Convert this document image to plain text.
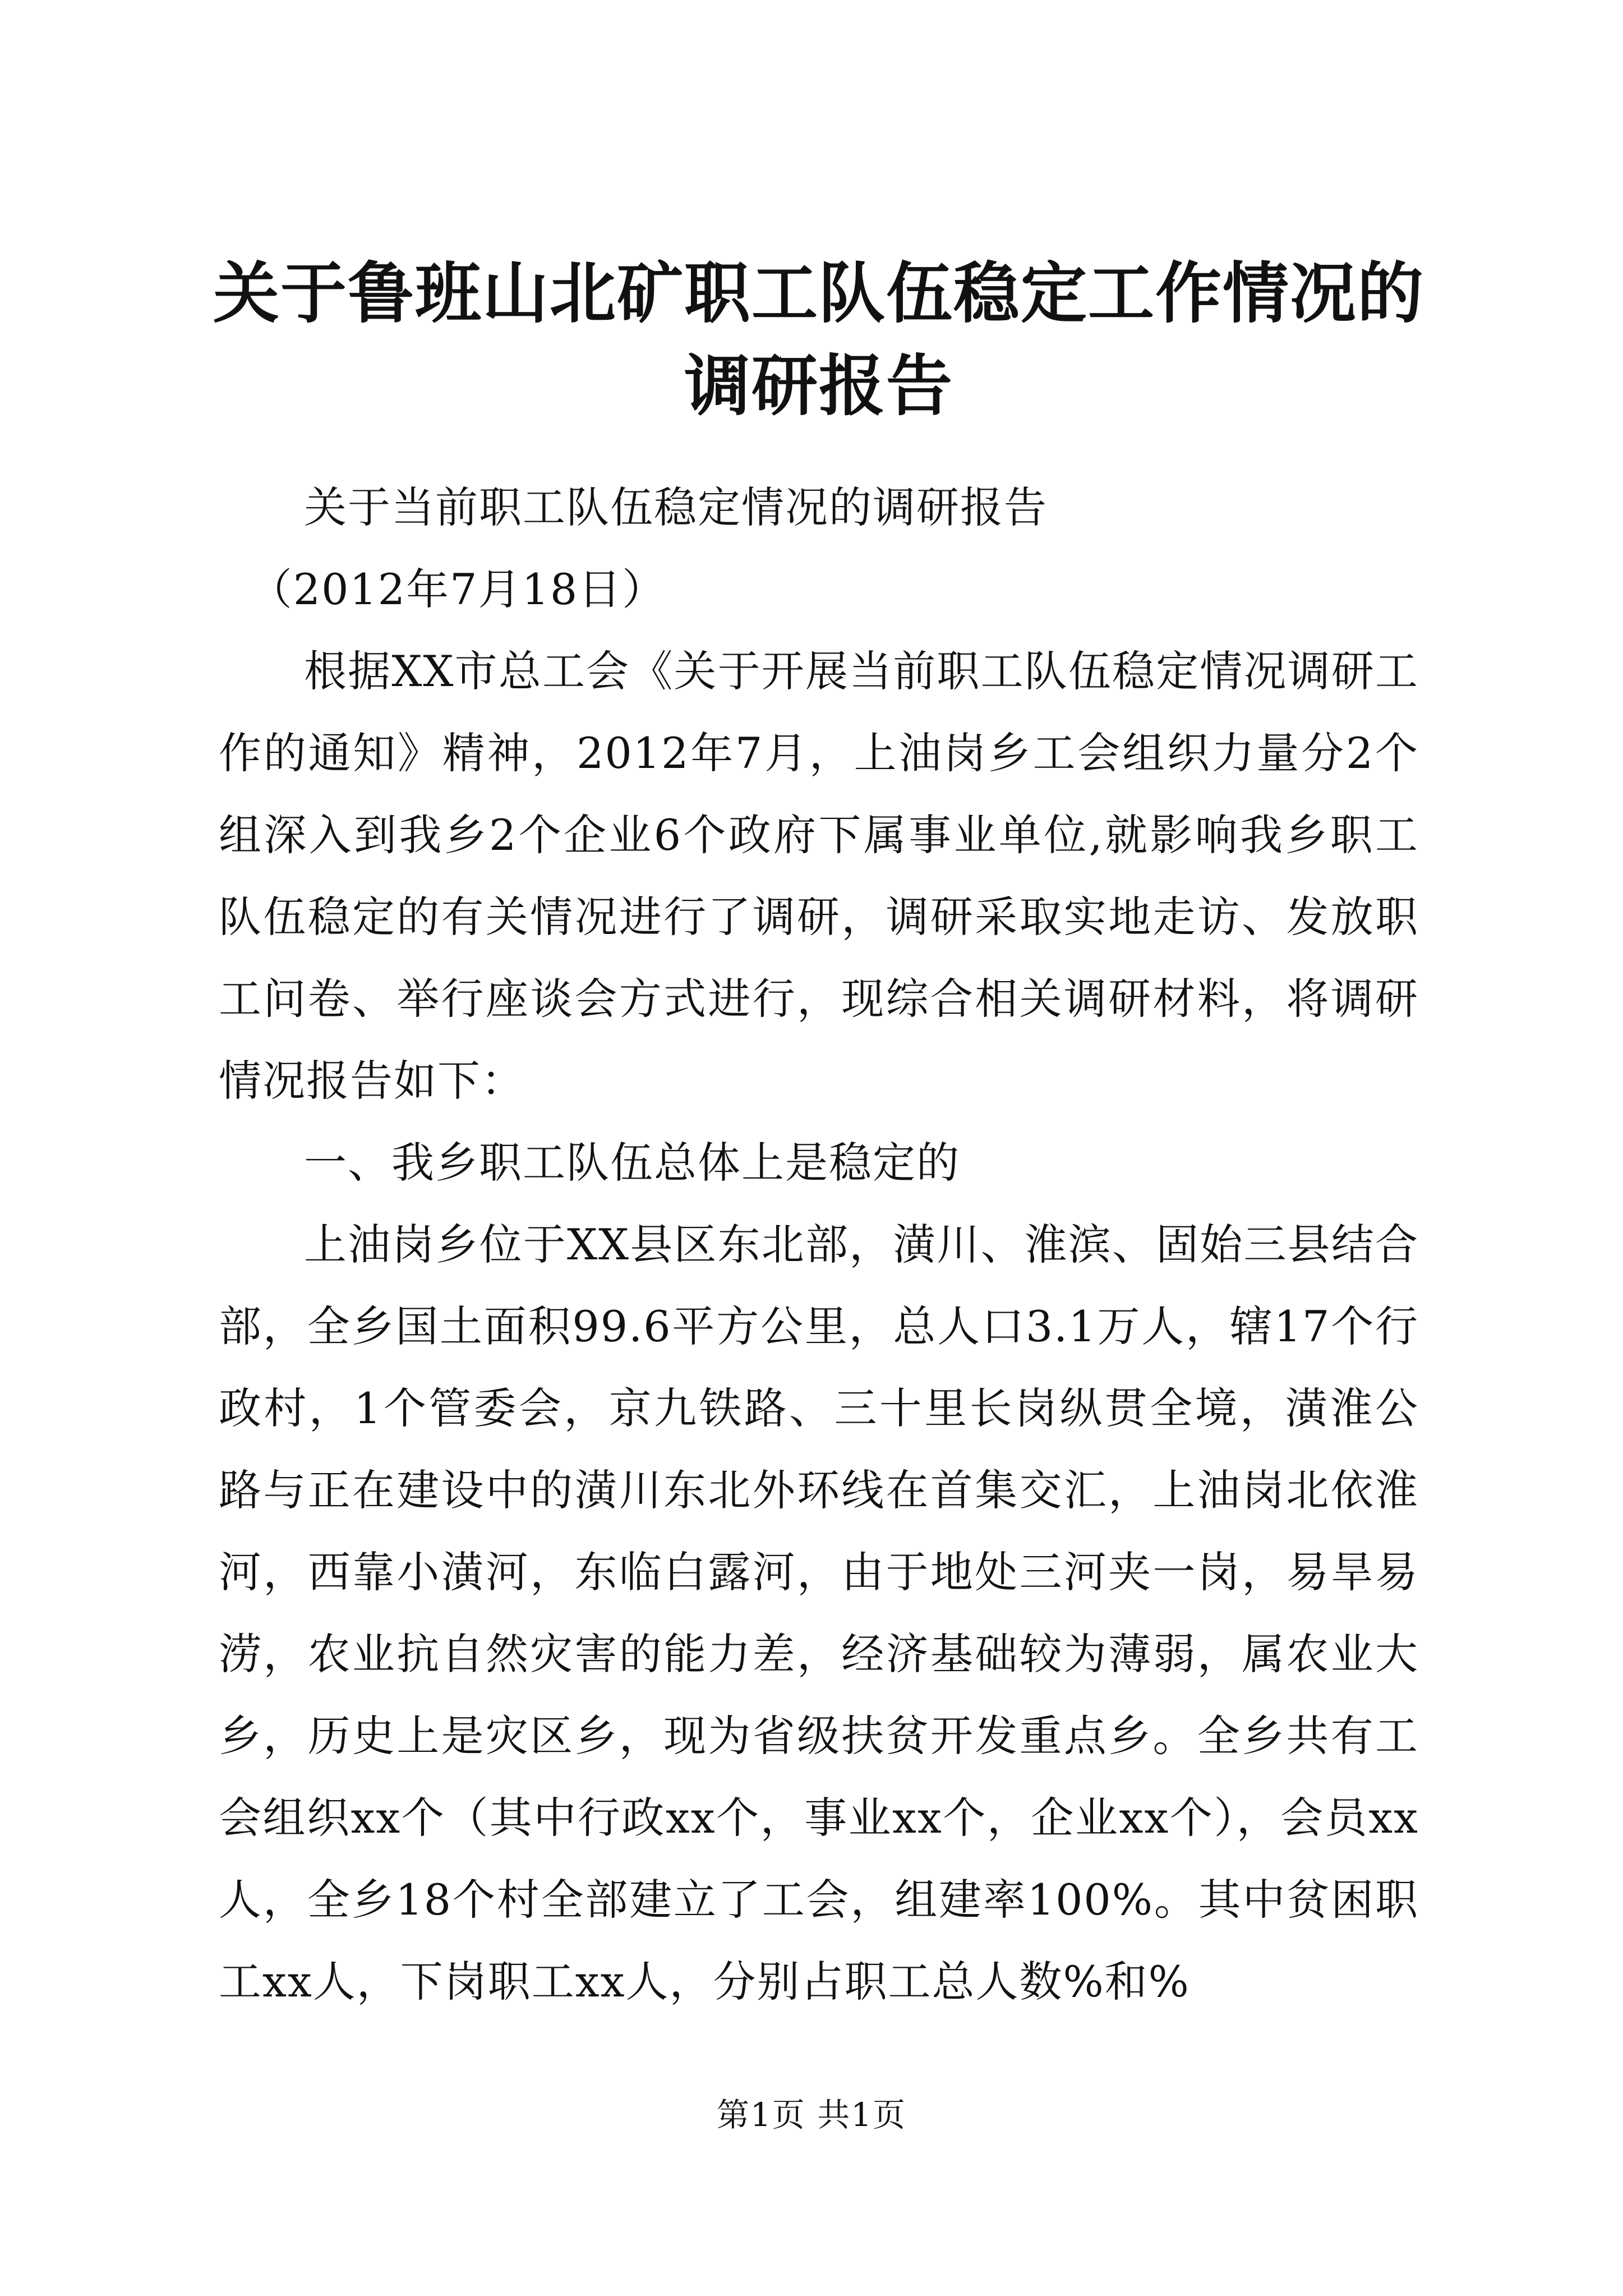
关于鲁班山北矿职工队伍稳定工作情况的调研报告

关于当前职工队伍稳定情况的调研报告

（2012年7月18日）

根据XX市总工会《关于开展当前职工队伍稳定情况调研工作的通知》精神，2012年7月，上油岗乡工会组织力量分2个组深入到我乡2个企业6个政府下属事业单位,就影响我乡职工队伍稳定的有关情况进行了调研，调研采取实地走访、发放职工问卷、举行座谈会方式进行，现综合相关调研材料，将调研情况报告如下：

一、我乡职工队伍总体上是稳定的

上油岗乡位于XX县区东北部，潢川、淮滨、固始三县结合部，全乡国土面积99.6平方公里，总人口3.1万人，辖17个行政村，1个管委会，京九铁路、三十里长岗纵贯全境，潢淮公路与正在建设中的潢川东北外环线在首集交汇，上油岗北依淮河，西靠小潢河，东临白露河，由于地处三河夹一岗，易旱易涝，农业抗自然灾害的能力差，经济基础较为薄弱，属农业大乡，历史上是灾区乡，现为省级扶贫开发重点乡。全乡共有工会组织xx个（其中行政xx个，事业xx个，企业xx个），会员xx人，全乡18个村全部建立了工会，组建率100%。其中贫困职工xx人，下岗职工xx人，分别占职工总人数%和%

第1页 共1页
